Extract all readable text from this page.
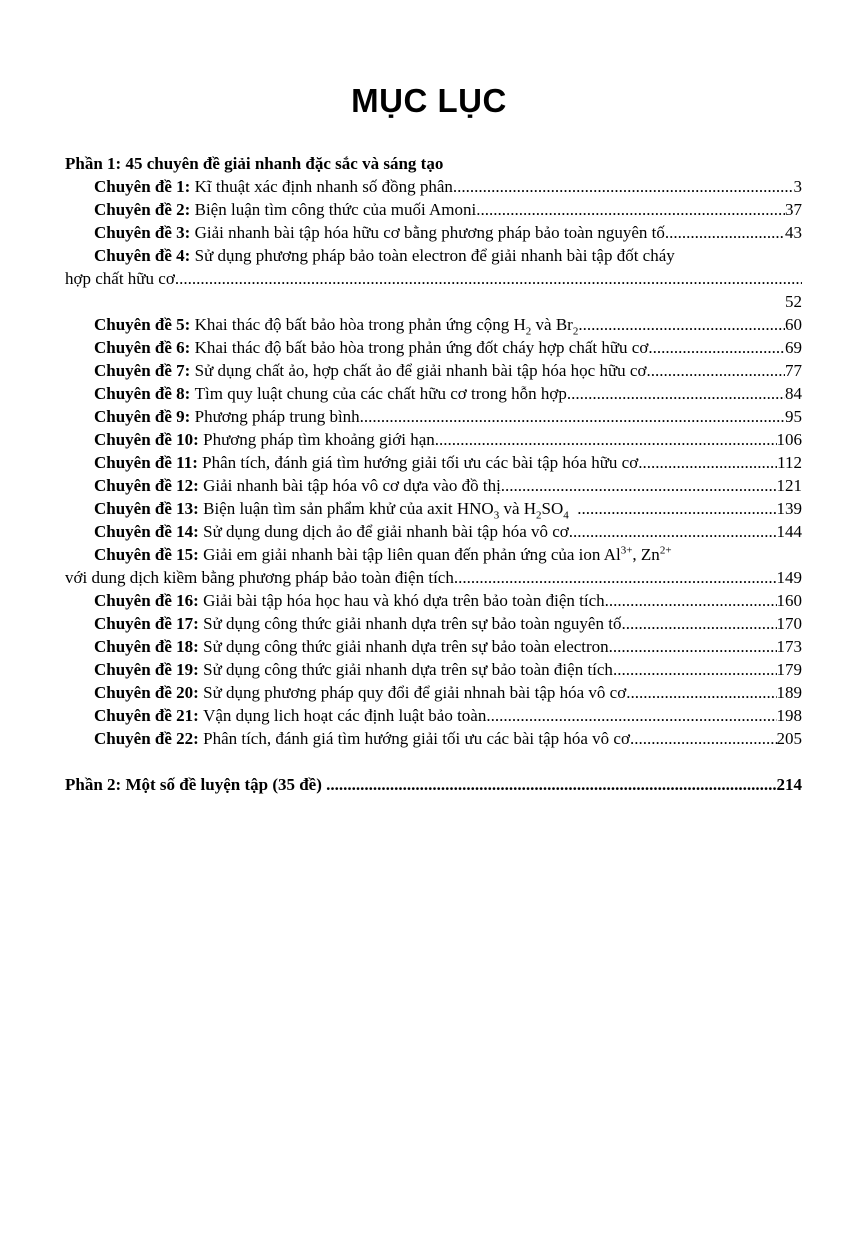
MỤC LỤC
Phần 1: 45 chuyên đề giải nhanh đặc sắc và sáng tạo
Chuyên đề 1: Kĩ thuật xác định nhanh số đồng phân .....	3
Chuyên đề 2: Biện luận tìm công thức của muối Amoni .....	37
Chuyên đề 3: Giải nhanh bài tập hóa hữu cơ bằng phương pháp bảo toàn nguyên tố .....	43
Chuyên đề 4: Sử dụng phương pháp bảo toàn electron để giải nhanh bài tập đốt cháy
hợp chất hữu cơ
.....
52
Chuyên đề 5: Khai thác độ bất bảo hòa trong phản ứng cộng $H_2$ và $Br_2$ .....	60
Chuyên đề 6: Khai thác độ bất bảo hòa trong phản ứng đốt cháy hợp chất hữu cơ .....	69
Chuyên đề 7: Sử dụng chất ảo, hợp chất ảo để giải nhanh bài tập hóa học hữu cơ .....	77
Chuyên đề 8: Tìm quy luật chung của các chất hữu cơ trong hỗn hợp .....	84
Chuyên đề 9: Phương pháp trung bình .....	95
Chuyên đề 10: Phương pháp tìm khoảng giới hạn .....	106
Chuyên đề 11: Phân tích, đánh giá tìm hướng giải tối ưu các bài tập hóa hữu cơ .....	112
Chuyên đề 12: Giải nhanh bài tập hóa vô cơ dựa vào đồ thị .....	121
Chuyên đề 13: Biện luận tìm sản phẩm khử của axit $HNO_3$ và $H_2SO_4$ .....	139
Chuyên đề 14: Sử dụng dung dịch ảo để giải nhanh bài tập hóa vô cơ .....	144
Chuyên đề 15: Giải em giải nhanh bài tập liên quan đến phản ứng của ion $Al^{3+}$, $Zn^{2+}$
với dung dịch kiềm bằng phương pháp bảo toàn điện tích .....	149
Chuyên đề 16: Giải bài tập hóa học hau và khó dựa trên bảo toàn điện tích .....	160
Chuyên đề 17: Sử dụng công thức giải nhanh dựa trên sự bảo toàn nguyên tố .....	170
Chuyên đề 18: Sử dụng công thức giải nhanh dựa trên sự bảo toàn electron .....	173
Chuyên đề 19: Sử dụng công thức giải nhanh dựa trên sự bảo toàn điện tích .....	179
Chuyên đề 20: Sử dụng phương pháp quy đổi để giải nhnah bài tập hóa vô cơ .....	189
Chuyên đề 21: Vận dụng lich hoạt các định luật bảo toàn .....	198
Chuyên đề 22: Phân tích, đánh giá tìm hướng giải tối ưu các bài tập hóa vô cơ .....	205
Phần 2: Một số đề luyện tập (35 đề) .....	214
